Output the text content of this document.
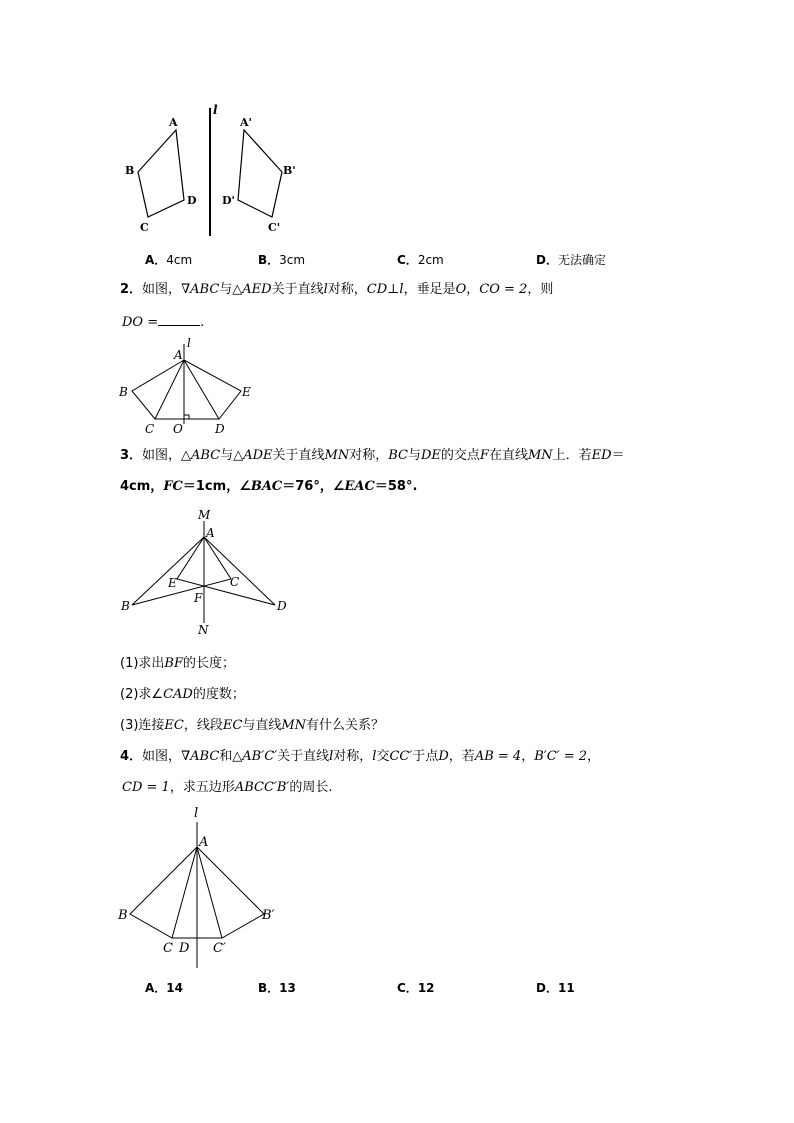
l
A
B
C
D
A'
B'
C'
D'
A．4cm	B．3cm	C．2cm	D．无法确定
2．如图，∇ABC与△AED关于直线l对称，CD⊥l，垂足是O，CO = 2，则
DO =	.
A
l
B	E
C O	D
3．如图，△ABC与△ADE关于直线MN对称，BC与DE的交点F在直线MN上．若ED＝
4cm，FC＝1cm，∠BAC＝76°，∠EAC＝58°.
M
A
E	C
F
B	D
N
(1)求出BF的长度；
(2)求∠CAD的度数；
(3)连接EC，线段EC与直线MN有什么关系？
4．如图，∇ABC和△AB′C′关于直线l对称，l交CC′于点D，若AB = 4，B′C′ = 2，
CD = 1，求五边形ABCC′B′的周长.
l
A
B	B′
C D C′
A．14	B．13	C．12	D．11
